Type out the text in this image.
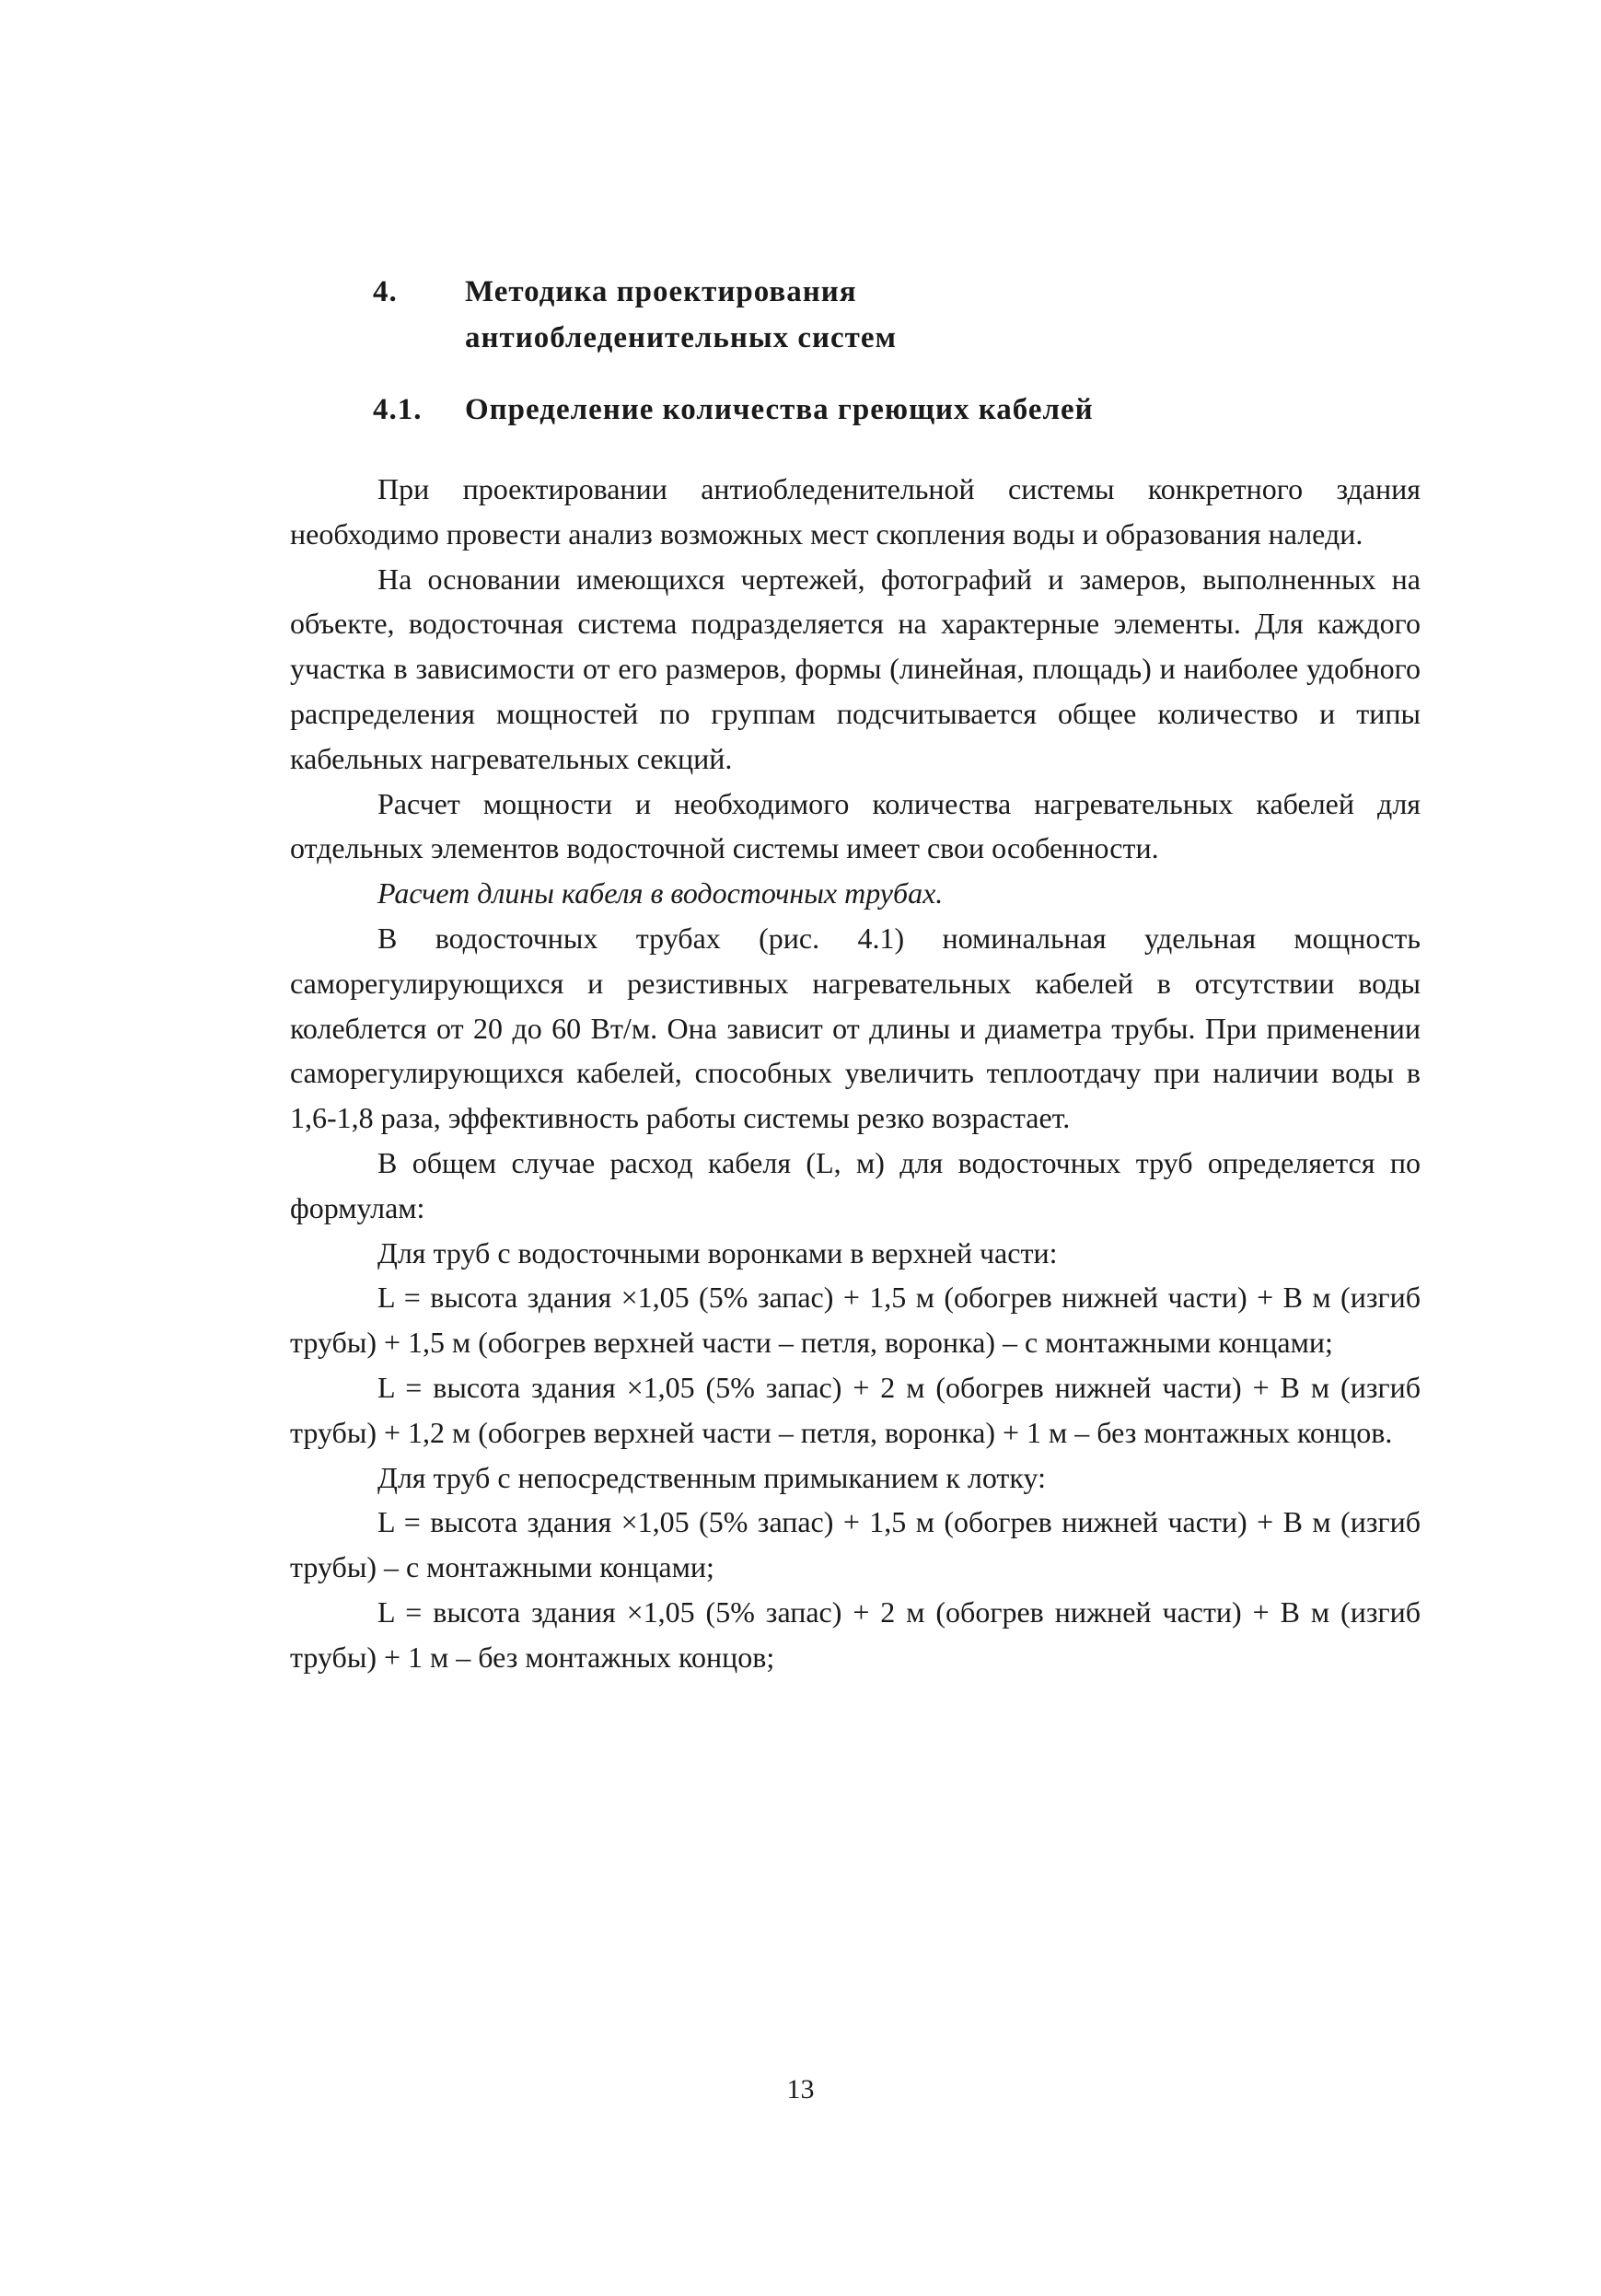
4. Методика проектирования
антиобледенительных систем
4.1. Определение количества греющих кабелей

При проектировании антиобледенительной системы конкретного здания необходимо провести анализ возможных мест скопления воды и образования наледи.

На основании имеющихся чертежей, фотографий и замеров, выполненных на объекте, водосточная система подразделяется на характерные элементы. Для каждого участка в зависимости от его размеров, формы (линейная, площадь) и наиболее удобного распределения мощностей по группам подсчитывается общее количество и типы кабельных нагревательных секций.

Расчет мощности и необходимого количества нагревательных кабелей для отдельных элементов водосточной системы имеет свои особенности.

Расчет длины кабеля в водосточных трубах.

В водосточных трубах (рис. 4.1) номинальная удельная мощность саморегулирующихся и резистивных нагревательных кабелей в отсутствии воды колеблется от 20 до 60 Вт/м. Она зависит от длины и диаметра трубы. При применении саморегулирующихся кабелей, способных увеличить теплоотдачу при наличии воды в 1,6-1,8 раза, эффективность работы системы резко возрастает.

В общем случае расход кабеля (L, м) для водосточных труб определяется по формулам:

Для труб с водосточными воронками в верхней части:

L = высота здания ×1,05 (5% запас) + 1,5 м (обогрев нижней части) + В м (изгиб трубы) + 1,5 м (обогрев верхней части – петля, воронка) – с монтажными концами;

L = высота здания ×1,05 (5% запас) + 2 м (обогрев нижней части) + В м (изгиб трубы) + 1,2 м (обогрев верхней части – петля, воронка) + 1 м – без монтажных концов.

Для труб с непосредственным примыканием к лотку:

L = высота здания ×1,05 (5% запас) + 1,5 м (обогрев нижней части) + В м (изгиб трубы) – с монтажными концами;

L = высота здания ×1,05 (5% запас) + 2 м (обогрев нижней части) + В м (изгиб трубы) + 1 м – без монтажных концов;

13
